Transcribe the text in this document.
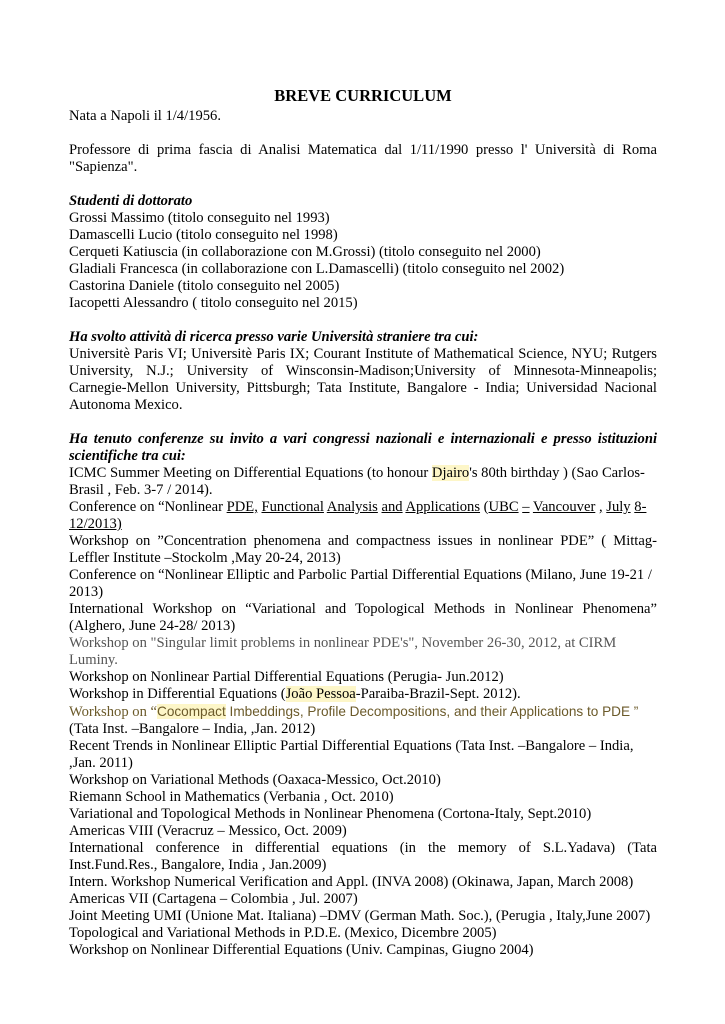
BREVE CURRICULUM

Nata a Napoli il 1/4/1956.

Professore di prima fascia di Analisi Matematica dal 1/11/1990 presso l' Università di Roma "Sapienza".

Studenti di dottorato

Grossi Massimo (titolo conseguito nel 1993)

Damascelli Lucio (titolo conseguito nel 1998)

Cerqueti Katiuscia (in collaborazione con M.Grossi) (titolo conseguito nel 2000)

Gladiali Francesca (in collaborazione con L.Damascelli) (titolo conseguito nel 2002)

Castorina Daniele (titolo conseguito nel 2005)

Iacopetti Alessandro ( titolo conseguito nel 2015)

Ha svolto attività di ricerca presso varie Università straniere tra cui:

Universitè Paris VI; Universitè Paris IX; Courant Institute of Mathematical Science, NYU; Rutgers University, N.J.; University of Winsconsin-Madison;University of Minnesota-Minneapolis; Carnegie-Mellon University, Pittsburgh; Tata Institute, Bangalore - India; Universidad Nacional Autonoma Mexico.

Ha tenuto conferenze su invito a vari congressi nazionali e internazionali e presso istituzioni scientifiche tra cui:

ICMC Summer Meeting on Differential Equations (to honour Djairo's 80th birthday ) (Sao Carlos-Brasil , Feb. 3-7 / 2014).

Conference on “Nonlinear PDE, Functional Analysis and Applications (UBC – Vancouver , July 8-12/2013)

Workshop on ”Concentration phenomena and compactness issues in nonlinear PDE” ( Mittag-Leffler Institute –Stockolm ,May 20-24, 2013)

Conference on “Nonlinear Elliptic and Parbolic Partial Differential Equations (Milano, June 19-21 / 2013)

International Workshop on “Variational and Topological Methods in Nonlinear Phenomena” (Alghero, June 24-28/ 2013)

Workshop on "Singular limit problems in nonlinear PDE's", November 26-30, 2012, at CIRM Luminy.

Workshop on Nonlinear Partial Differential Equations (Perugia- Jun.2012)

Workshop in Differential Equations (João Pessoa-Paraiba-Brazil-Sept. 2012).

Workshop on “Cocompact Imbeddings, Profile Decompositions, and their Applications to PDE ”

(Tata Inst. –Bangalore – India, ,Jan. 2012)

Recent Trends in Nonlinear Elliptic Partial Differential Equations (Tata Inst. –Bangalore – India, ,Jan. 2011)

Workshop on Variational Methods (Oaxaca-Messico, Oct.2010)

Riemann School in Mathematics (Verbania , Oct. 2010)

Variational and Topological Methods in Nonlinear Phenomena (Cortona-Italy, Sept.2010)

Americas VIII (Veracruz – Messico, Oct. 2009)

International conference in differential equations (in the memory of S.L.Yadava) (Tata Inst.Fund.Res., Bangalore, India , Jan.2009)

Intern. Workshop Numerical Verification and Appl. (INVA 2008) (Okinawa, Japan, March 2008)

Americas VII (Cartagena – Colombia , Jul. 2007)

Joint Meeting UMI (Unione Mat. Italiana) –DMV (German Math. Soc.), (Perugia , Italy,June 2007)

Topological and Variational Methods in P.D.E. (Mexico, Dicembre 2005)

Workshop on Nonlinear Differential Equations (Univ. Campinas, Giugno 2004)
